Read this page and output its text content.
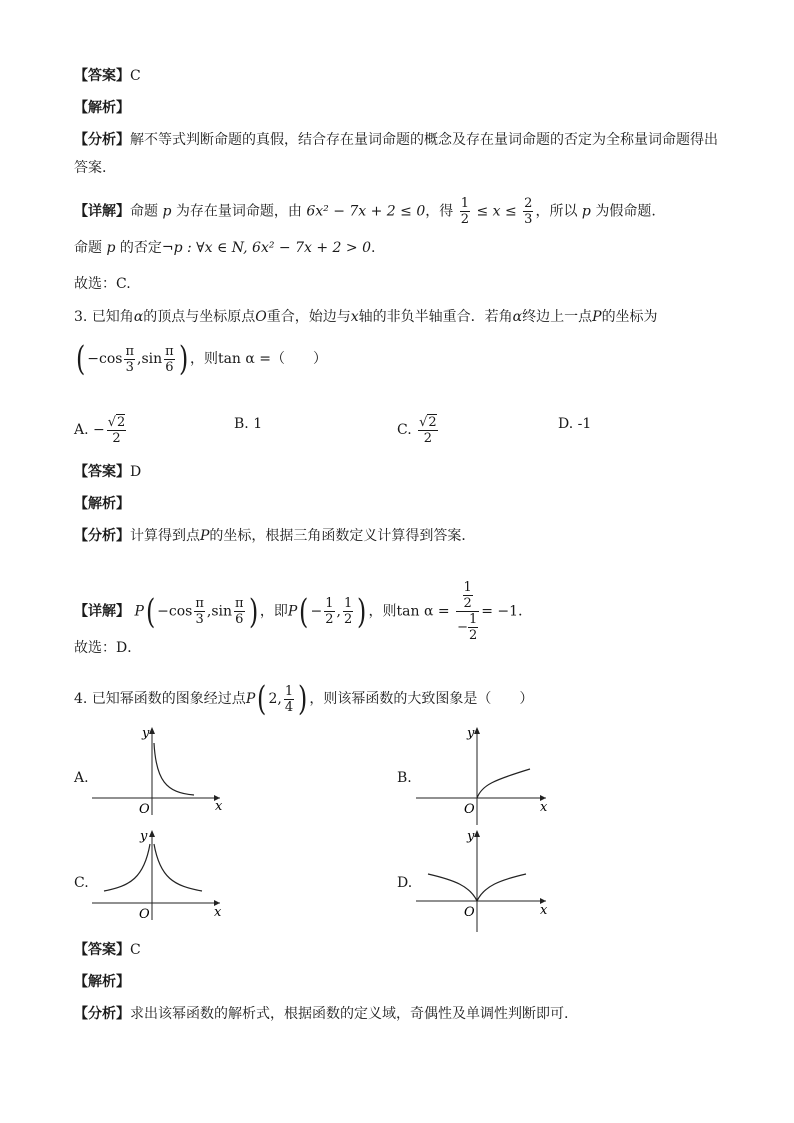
【答案】C
【解析】
【分析】解不等式判断命题的真假，结合存在量词命题的概念及存在量词命题的否定为全称量词命题得出
答案.
【详解】命题 p 为存在量词命题，由 6x² − 7x + 2 ≤ 0，得 $\frac{1}{2} \le x \le \frac{2}{3}$ ，所以 p 为假命题.
命题 p 的否定¬p : ∀x ∈ N, 6x² − 7x + 2 > 0.
故选：C.
3. 已知角α的顶点与坐标原点O重合，始边与x轴的非负半轴重合．若角α终边上一点P的坐标为
( $-\cos \frac{\pi}{3} ,\sin \frac{\pi}{6}$ ) ，则tan α =（　　）
A. − $\frac{√2}{2}$	B. 1	C. $\frac{√2}{2}$	D. -1
【答案】D
【解析】
【分析】计算得到点P的坐标，根据三角函数定义计算得到答案．
【详解】 $P( -\cos \frac{\pi}{3} ,\sin \frac{\pi}{6}$ ) ，即$P( - \frac{1}{2}$ , $\frac{1}{2}$ ) ，则$\tan \alpha = \frac{\frac{1}{2}}{- \frac{1}{2}} = -1$．
故选：D．
4. 已知幂函数的图象经过点P( 2, $\frac{1}{4}$ ) ，则该幂函数的大致图象是（　　）
A.
y
x
O
B.
y
x
O
C.
y
x
O
D.
y
x
O
【答案】C
【解析】
【分析】求出该幂函数的解析式，根据函数的定义域，奇偶性及单调性判断即可.
